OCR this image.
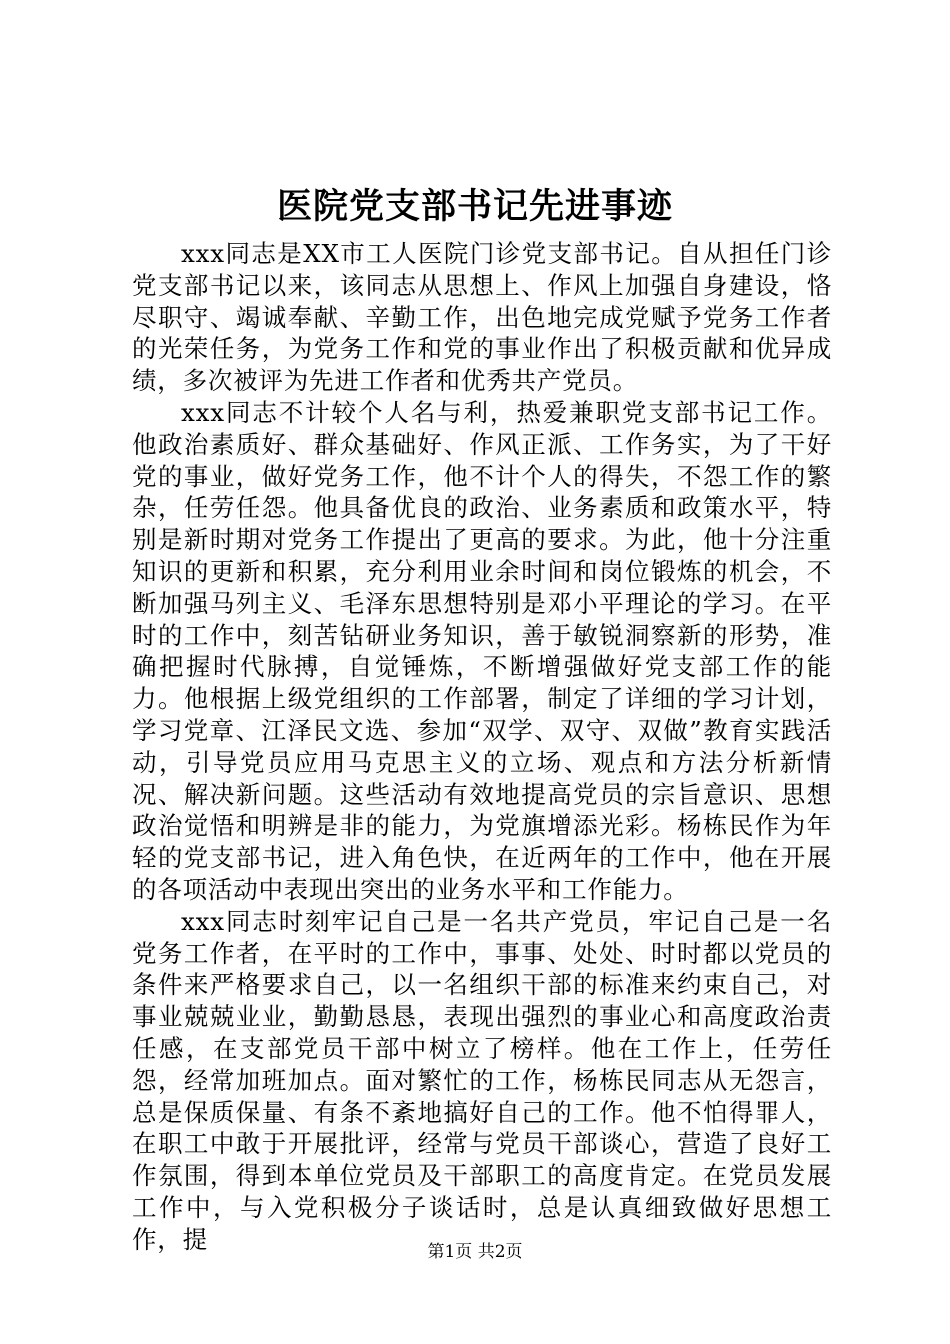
医院党支部书记先进事迹

xxx同志是XX市工人医院门诊党支部书记。自从担任门诊党支部书记以来，该同志从思想上、作风上加强自身建设，恪尽职守、竭诚奉献、辛勤工作，出色地完成党赋予党务工作者的光荣任务，为党务工作和党的事业作出了积极贡献和优异成绩，多次被评为先进工作者和优秀共产党员。

xxx同志不计较个人名与利，热爱兼职党支部书记工作。他政治素质好、群众基础好、作风正派、工作务实，为了干好党的事业，做好党务工作，他不计个人的得失，不怨工作的繁杂，任劳任怨。他具备优良的政治、业务素质和政策水平，特别是新时期对党务工作提出了更高的要求。为此，他十分注重知识的更新和积累，充分利用业余时间和岗位锻炼的机会，不断加强马列主义、毛泽东思想特别是邓小平理论的学习。在平时的工作中，刻苦钻研业务知识，善于敏锐洞察新的形势，准确把握时代脉搏，自觉锤炼，不断增强做好党支部工作的能力。他根据上级党组织的工作部署，制定了详细的学习计划，学习党章、江泽民文选、参加“双学、双守、双做”教育实践活动，引导党员应用马克思主义的立场、观点和方法分析新情况、解决新问题。这些活动有效地提高党员的宗旨意识、思想政治觉悟和明辨是非的能力，为党旗增添光彩。杨栋民作为年轻的党支部书记，进入角色快，在近两年的工作中，他在开展的各项活动中表现出突出的业务水平和工作能力。

xxx同志时刻牢记自己是一名共产党员，牢记自己是一名党务工作者，在平时的工作中，事事、处处、时时都以党员的条件来严格要求自己，以一名组织干部的标准来约束自己，对事业兢兢业业，勤勤恳恳，表现出强烈的事业心和高度政治责任感，在支部党员干部中树立了榜样。他在工作上，任劳任怨，经常加班加点。面对繁忙的工作，杨栋民同志从无怨言，总是保质保量、有条不紊地搞好自己的工作。他不怕得罪人，在职工中敢于开展批评，经常与党员干部谈心，营造了良好工作氛围，得到本单位党员及干部职工的高度肯定。在党员发展工作中，与入党积极分子谈话时，总是认真细致做好思想工作，提	第1页 共2页
